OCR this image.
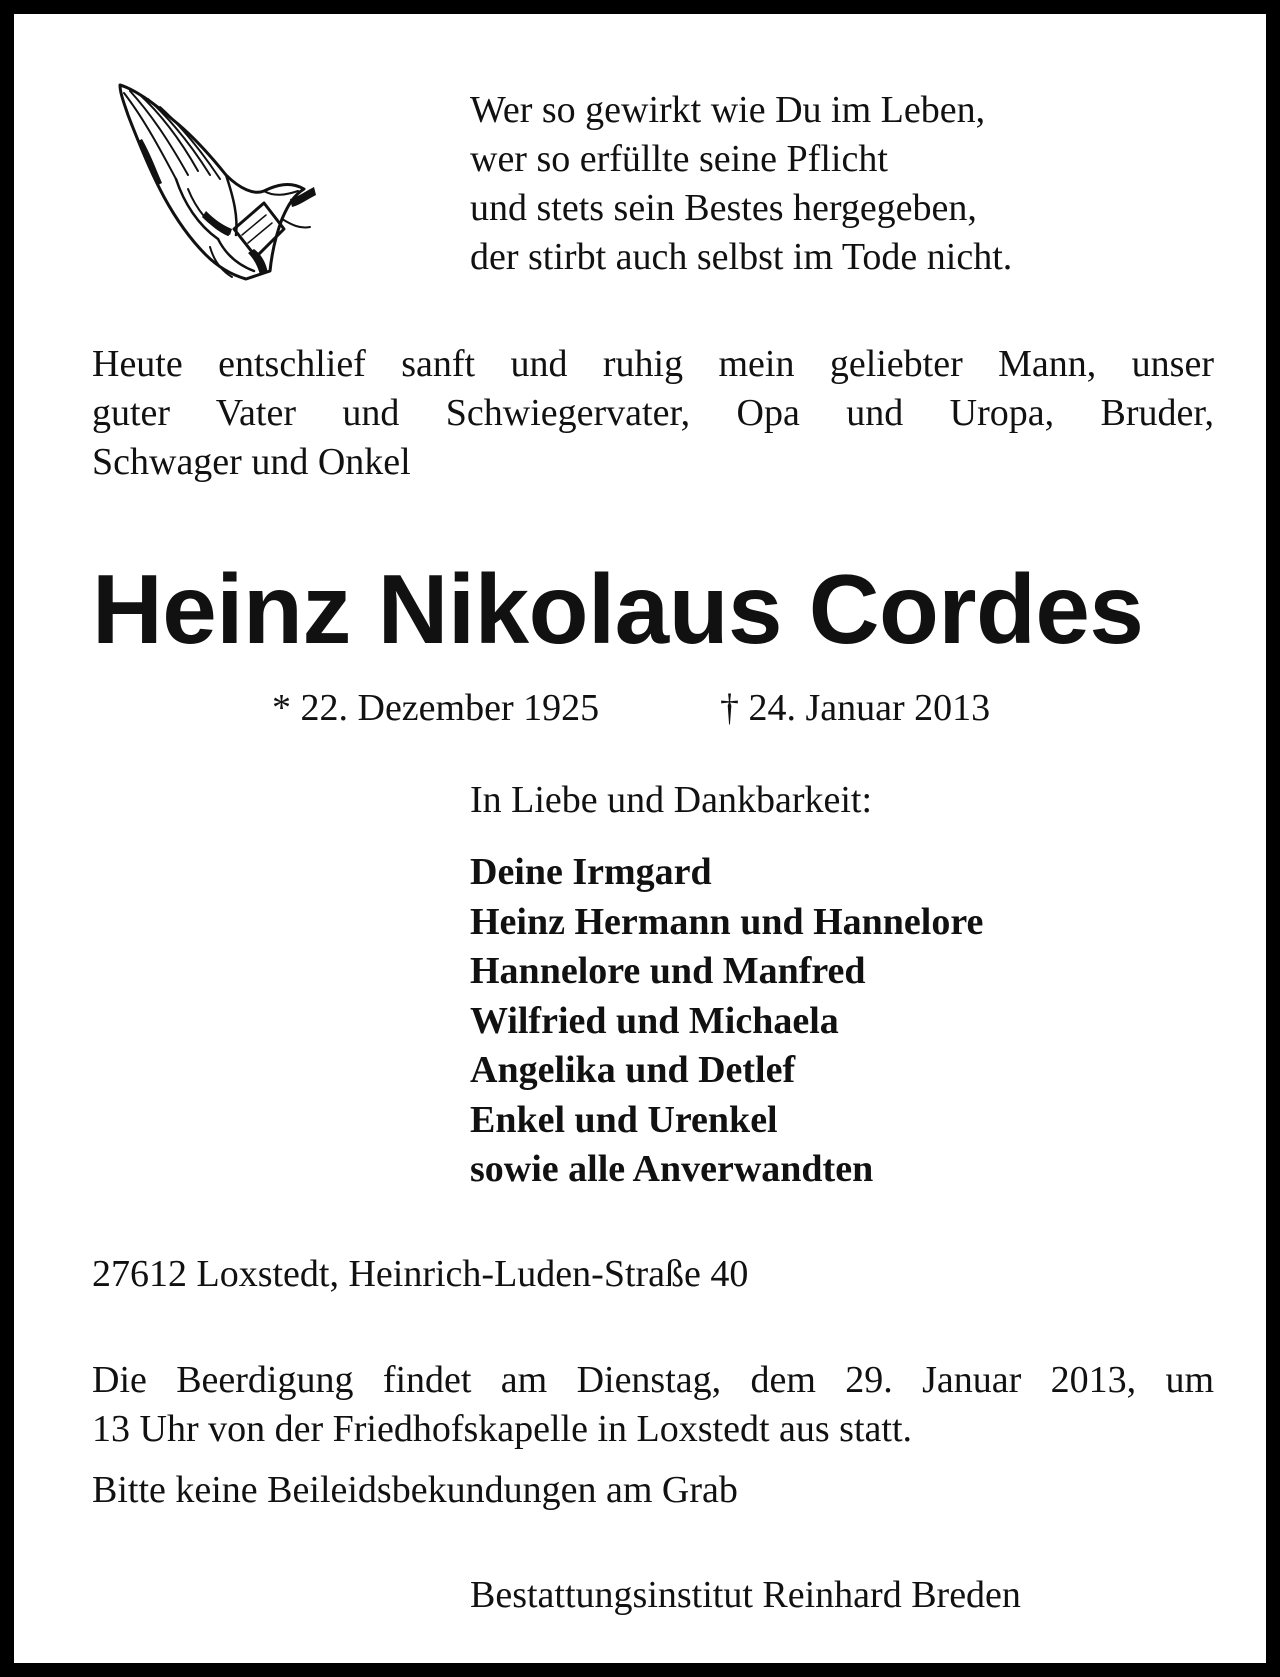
Wer so gewirkt wie Du im Leben,
wer so erfüllte seine Pflicht
und stets sein Bestes hergegeben,
der stirbt auch selbst im Tode nicht.
Heute entschlief sanft und ruhig mein geliebter Mann, unser
guter Vater und Schwiegervater, Opa und Uropa, Bruder,
Schwager und Onkel
Heinz Nikolaus Cordes
* 22. Dezember 1925	† 24. Januar 2013
In Liebe und Dankbarkeit:
Deine Irmgard
Heinz Hermann und Hannelore
Hannelore und Manfred
Wilfried und Michaela
Angelika und Detlef
Enkel und Urenkel
sowie alle Anverwandten
27612 Loxstedt, Heinrich-Luden-Straße 40
Die Beerdigung findet am Dienstag, dem 29. Januar 2013, um
13 Uhr von der Friedhofskapelle in Loxstedt aus statt.
Bitte keine Beileidsbekundungen am Grab
Bestattungsinstitut Reinhard Breden
